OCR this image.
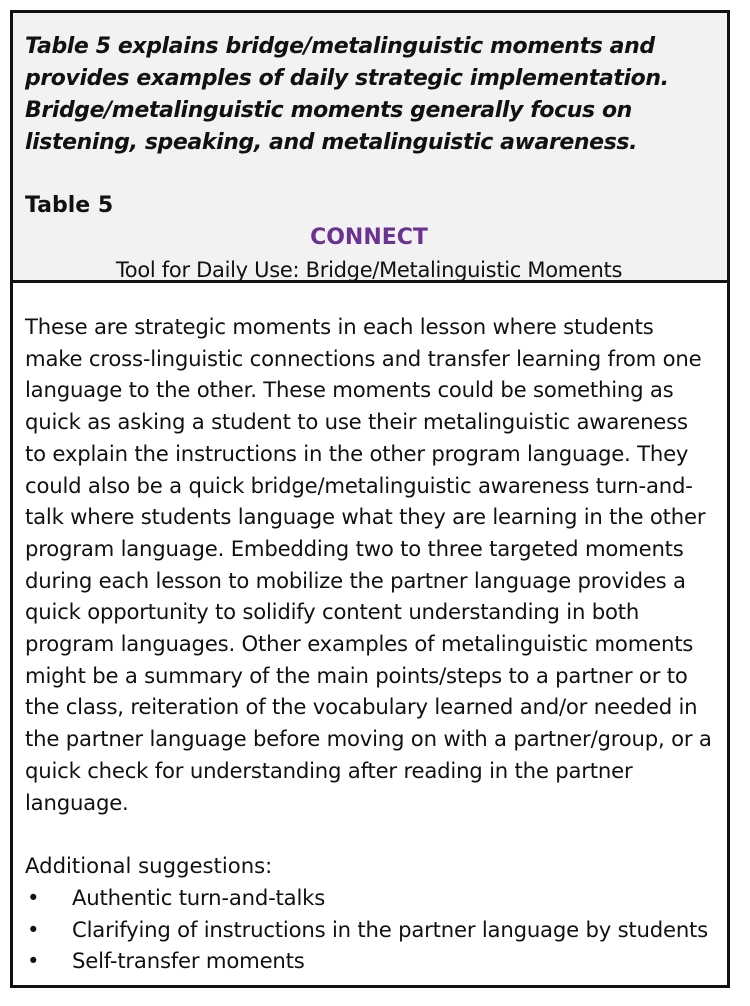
Table 5 explains bridge/metalinguistic moments and provides examples of daily strategic implementation. Bridge/metalinguistic moments generally focus on listening, speaking, and metalinguistic awareness.

Table 5
CONNECT
Tool for Daily Use: Bridge/Metalinguistic Moments

These are strategic moments in each lesson where students make cross-linguistic connections and transfer learning from one language to the other. These moments could be something as quick as asking a student to use their metalinguistic awareness to explain the instructions in the other program language. They could also be a quick bridge/metalinguistic awareness turn-and-talk where students language what they are learning in the other program language. Embedding two to three targeted moments during each lesson to mobilize the partner language provides a quick opportunity to solidify content understanding in both program languages. Other examples of metalinguistic moments might be a summary of the main points/steps to a partner or to the class, reiteration of the vocabulary learned and/or needed in the partner language before moving on with a partner/group, or a quick check for understanding after reading in the partner language.

Additional suggestions:
• Authentic turn-and-talks
• Clarifying of instructions in the partner language by students
• Self-transfer moments
